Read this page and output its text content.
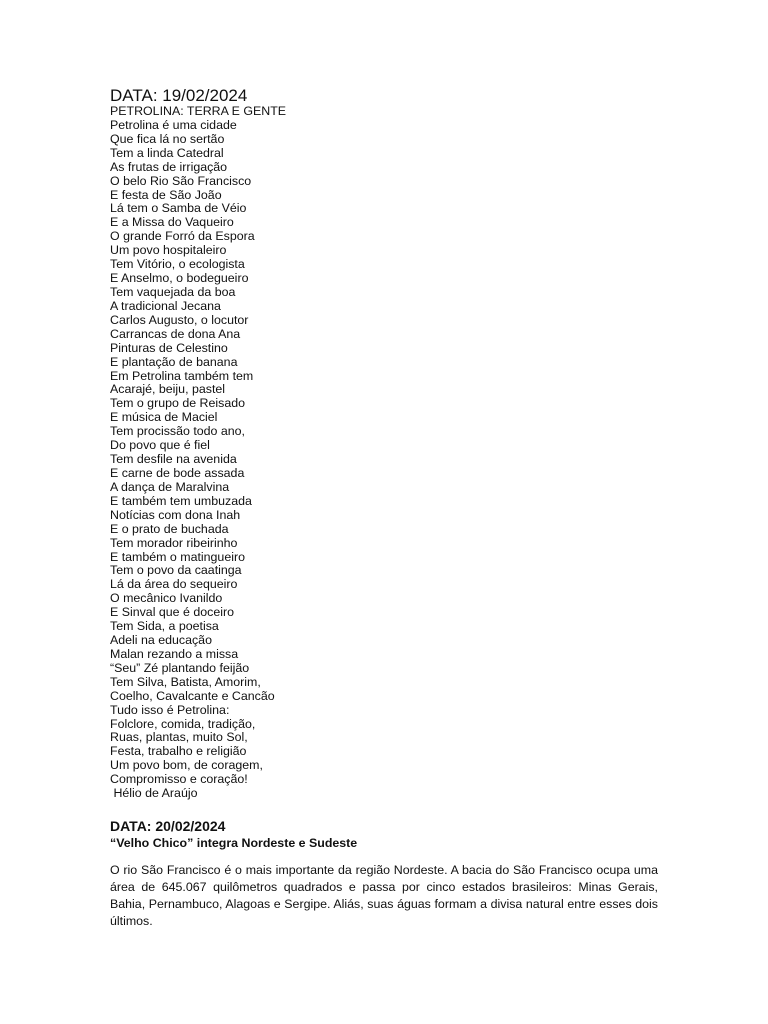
DATA: 19/02/2024
PETROLINA: TERRA E GENTE
Petrolina é uma cidade
Que fica lá no sertão
Tem a linda Catedral
As frutas de irrigação
O belo Rio São Francisco
E festa de São João
Lá tem o Samba de Véio
E a Missa do Vaqueiro
O grande Forró da Espora
Um povo hospitaleiro
Tem Vitório, o ecologista
E Anselmo, o bodegueiro
Tem vaquejada da boa
A tradicional Jecana
Carlos Augusto, o locutor
Carrancas de dona Ana
Pinturas de Celestino
E plantação de banana
Em Petrolina também tem
Acarajé, beiju, pastel
Tem o grupo de Reisado
E música de Maciel
Tem procissão todo ano,
Do povo que é fiel
Tem desfile na avenida
E carne de bode assada
A dança de Maralvina
E também tem umbuzada
Notícias com dona Inah
E o prato de buchada
Tem morador ribeirinho
E também o matingueiro
Tem o povo da caatinga
Lá da área do sequeiro
O mecânico Ivanildo
E Sinval que é doceiro
Tem Sida, a poetisa
Adeli na educação
Malan rezando a missa
“Seu” Zé plantando feijão
Tem Silva, Batista, Amorim,
Coelho, Cavalcante e Cancão
Tudo isso é Petrolina:
Folclore, comida, tradição,
Ruas, plantas, muito Sol,
Festa, trabalho e religião
Um povo bom, de coragem,
Compromisso e coração!
Hélio de Araújo
DATA: 20/02/2024
“Velho Chico” integra Nordeste e Sudeste

O rio São Francisco é o mais importante da região Nordeste. A bacia do São Francisco ocupa uma área de 645.067 quilômetros quadrados e passa por cinco estados brasileiros: Minas Gerais, Bahia, Pernambuco, Alagoas e Sergipe. Aliás, suas águas formam a divisa natural entre esses dois últimos.
